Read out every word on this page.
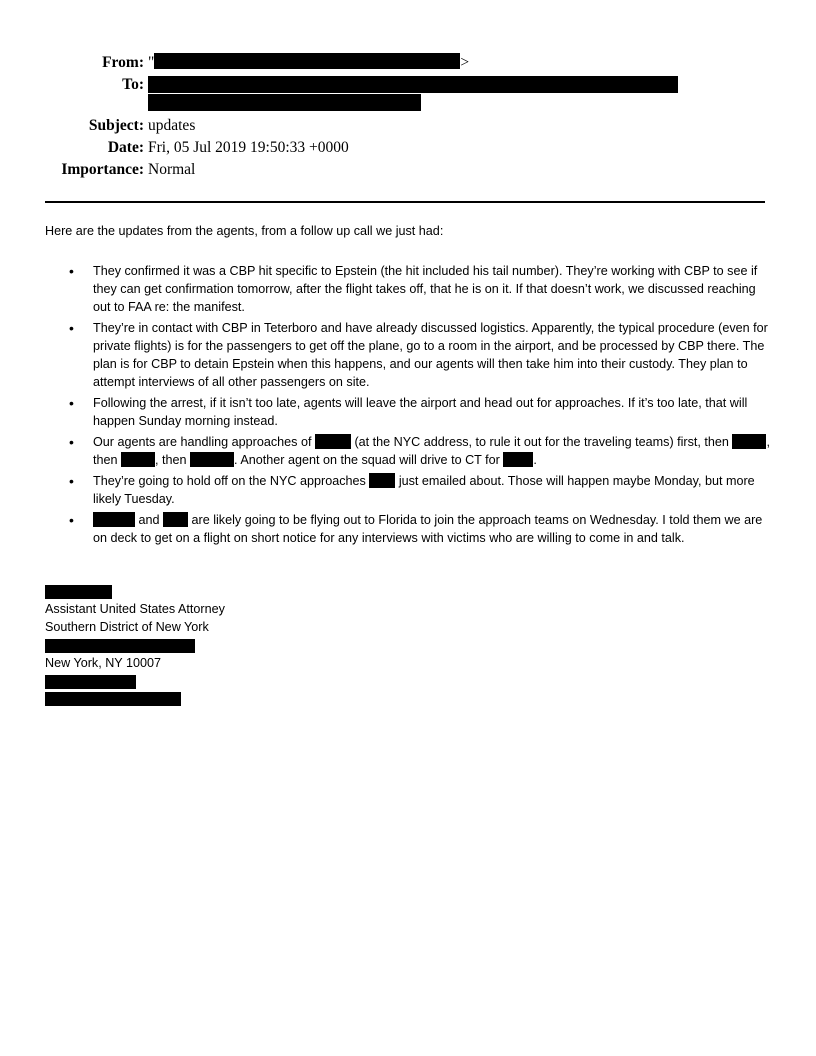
From: "	>
To:
Subject: updates
Date: Fri, 05 Jul 2019 19:50:33 +0000
Importance: Normal
Here are the updates from the agents, from a follow up call we just had:
• They confirmed it was a CBP hit specific to Epstein (the hit included his tail number). They’re working with CBP to see if they can get confirmation tomorrow, after the flight takes off, that he is on it. If that doesn’t work, we discussed reaching out to FAA re: the manifest.
• They’re in contact with CBP in Teterboro and have already discussed logistics. Apparently, the typical procedure (even for private flights) is for the passengers to get off the plane, go to a room in the airport, and be processed by CBP there. The plan is for CBP to detain Epstein when this happens, and our agents will then take him into their custody. They plan to attempt interviews of all other passengers on site.
• Following the arrest, if it isn’t too late, agents will leave the airport and head out for approaches. If it’s too late, that will happen Sunday morning instead.
• Our agents are handling approaches of	(at the NYC address, to rule it out for the traveling teams) first, then	, then	, then	. Another agent on the squad will drive to CT for	.
• They’re going to hold off on the NYC approaches	just emailed about. Those will happen maybe Monday, but more likely Tuesday.
•	and	are likely going to be flying out to Florida to join the approach teams on Wednesday. I told them we are on deck to get on a flight on short notice for any interviews with victims who are willing to come in and talk.
Assistant United States Attorney
Southern District of New York
New York, NY 10007
